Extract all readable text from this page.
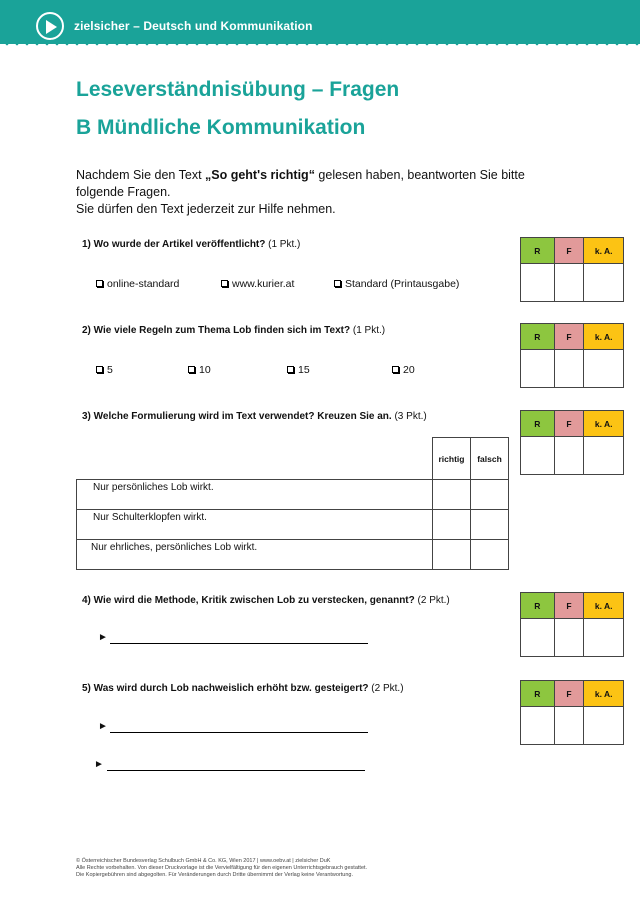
zielsicher – Deutsch und Kommunikation
Leseverständnisübung – Fragen
B Mündliche Kommunikation
Nachdem Sie den Text „So geht's richtig“ gelesen haben, beantworten Sie bitte folgende Fragen.
Sie dürfen den Text jederzeit zur Hilfe nehmen.
1) Wo wurde der Artikel veröffentlicht? (1 Pkt.)
online-standard	www.kurier.at	Standard (Printausgabe)
R	F	k. A.

2) Wie viele Regeln zum Thema Lob finden sich im Text? (1 Pkt.)
5	10	15	20
R	F	k. A.

3) Welche Formulierung wird im Text verwendet? Kreuzen Sie an. (3 Pkt.)
R	F	k. A.

	richtig	falsch
Nur persönliches Lob wirkt.		
Nur Schulterklopfen wirkt.		
Nur ehrliches, persönliches Lob wirkt.		
4) Wie wird die Methode, Kritik zwischen Lob zu verstecken, genannt? (2 Pkt.)	R	F	k. A.

►
5) Was wird durch Lob nachweislich erhöht bzw. gesteigert? (2 Pkt.)	R	F	k. A.

►
►
© Österreichischer Bundesverlag Schulbuch GmbH & Co. KG, Wien 2017 | www.oebv.at | zielsicher DuK
Alle Rechte vorbehalten. Von dieser Druckvorlage ist die Vervielfältigung für den eigenen Unterrichtsgebrauch gestattet.
Die Kopiergebühren sind abgegolten. Für Veränderungen durch Dritte übernimmt der Verlag keine Verantwortung.
